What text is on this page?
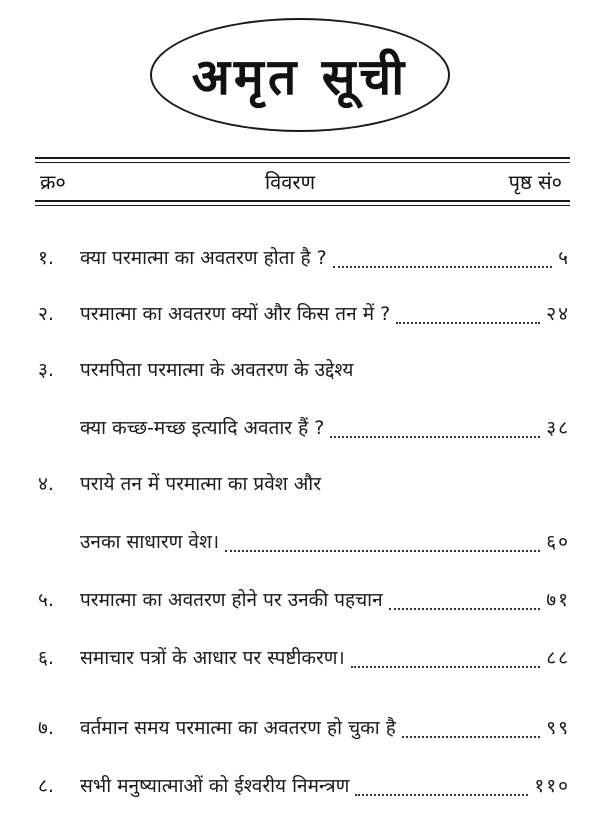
अमृत सूची
क्र०	विवरण	पृष्ठ सं०
१.	क्या परमात्मा का अवतरण होता है ?	५
२.	परमात्मा का अवतरण क्यों और किस तन में ?	२४
३.	परमपिता परमात्मा के अवतरण के उद्देश्य
क्या कच्छ-मच्छ इत्यादि अवतार हैं ?	३८
४.	पराये तन में परमात्मा का प्रवेश और
उनका साधारण वेश।	६०
५.	परमात्मा का अवतरण होने पर उनकी पहचान	७१
६.	समाचार पत्रों के आधार पर स्पष्टीकरण।	८८
७.	वर्तमान समय परमात्मा का अवतरण हो चुका है	९९
८.	सभी मनुष्यात्माओं को ईश्वरीय निमन्त्रण	११०
